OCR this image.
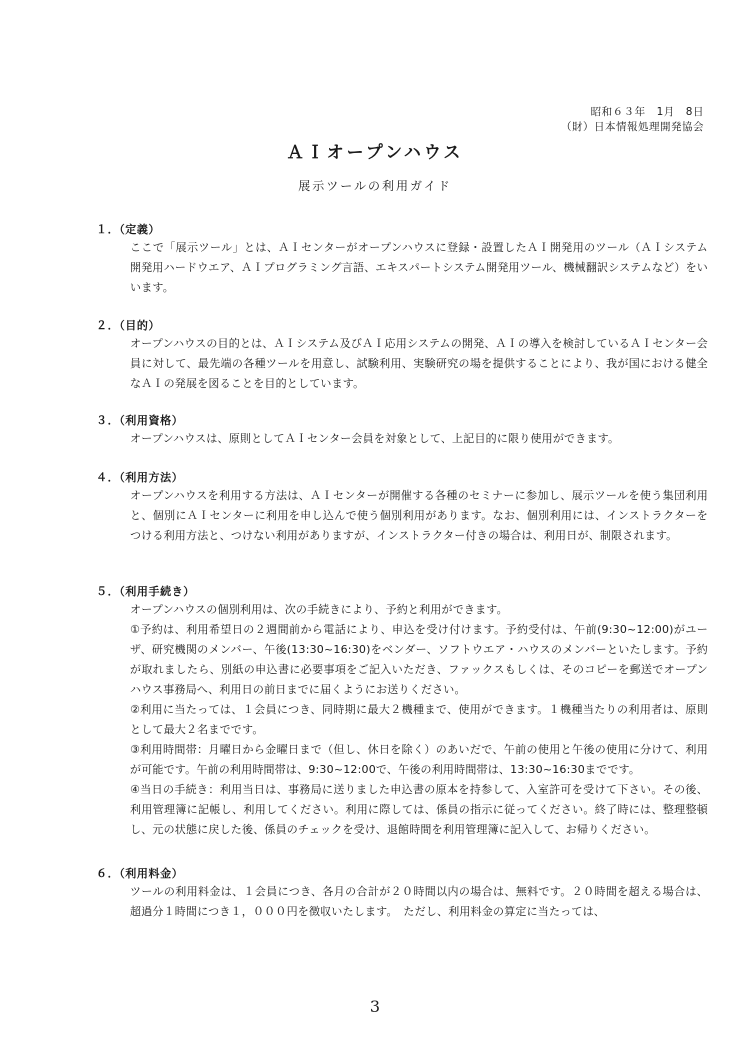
昭和６３年　1月　8日
（財）日本情報処理開発協会
ＡＩオープンハウス
展示ツールの利用ガイド
１．（定義）

ここで「展示ツール」とは、ＡＩセンターがオープンハウスに登録・設置したＡＩ開発用のツール（ＡＩシステム開発用ハードウエア、ＡＩプログラミング言語、エキスパートシステム開発用ツール、機械翻訳システムなど）をいいます。

２．（目的）

オープンハウスの目的とは、ＡＩシステム及びＡＩ応用システムの開発、ＡＩの導入を検討しているＡＩセンター会員に対して、最先端の各種ツールを用意し、試験利用、実験研究の場を提供することにより、我が国における健全なＡＩの発展を図ることを目的としています。

３．（利用資格）

オープンハウスは、原則としてＡＩセンター会員を対象として、上記目的に限り使用ができます。

４．（利用方法）

オープンハウスを利用する方法は、ＡＩセンターが開催する各種のセミナーに参加し、展示ツールを使う集団利用と、個別にＡＩセンターに利用を申し込んで使う個別利用があります。なお、個別利用には、インストラクターをつける利用方法と、つけない利用がありますが、インストラクター付きの場合は、利用日が、制限されます。

５．（利用手続き）

オープンハウスの個別利用は、次の手続きにより、予約と利用ができます。

①予約は、利用希望日の２週間前から電話により、申込を受け付けます。予約受付は、午前(9:30~12:00)がユーザ、研究機関のメンバー、午後(13:30~16:30)をベンダー、ソフトウエア・ハウスのメンバーといたします。予約が取れましたら、別紙の申込書に必要事項をご記入いただき、ファックスもしくは、そのコピーを郵送でオープンハウス事務局へ、利用日の前日までに届くようにお送りください。

②利用に当たっては、１会員につき、同時期に最大２機種まで、使用ができます。１機種当たりの利用者は、原則として最大２名までです。

③利用時間帯：月曜日から金曜日まで（但し、休日を除く）のあいだで、午前の使用と午後の使用に分けて、利用が可能です。午前の利用時間帯は、9:30~12:00で、午後の利用時間帯は、13:30~16:30までです。

④当日の手続き：利用当日は、事務局に送りました申込書の原本を持参して、入室許可を受けて下さい。その後、利用管理簿に記帳し、利用してください。利用に際しては、係員の指示に従ってください。終了時には、整理整頓し、元の状態に戻した後、係員のチェックを受け、退館時間を利用管理簿に記入して、お帰りください。

６．（利用料金）

ツールの利用料金は、１会員につき、各月の合計が２０時間以内の場合は、無料です。２０時間を超える場合は、超過分１時間につき１，０００円を徴収いたします。　ただし、利用料金の算定に当たっては、

3
